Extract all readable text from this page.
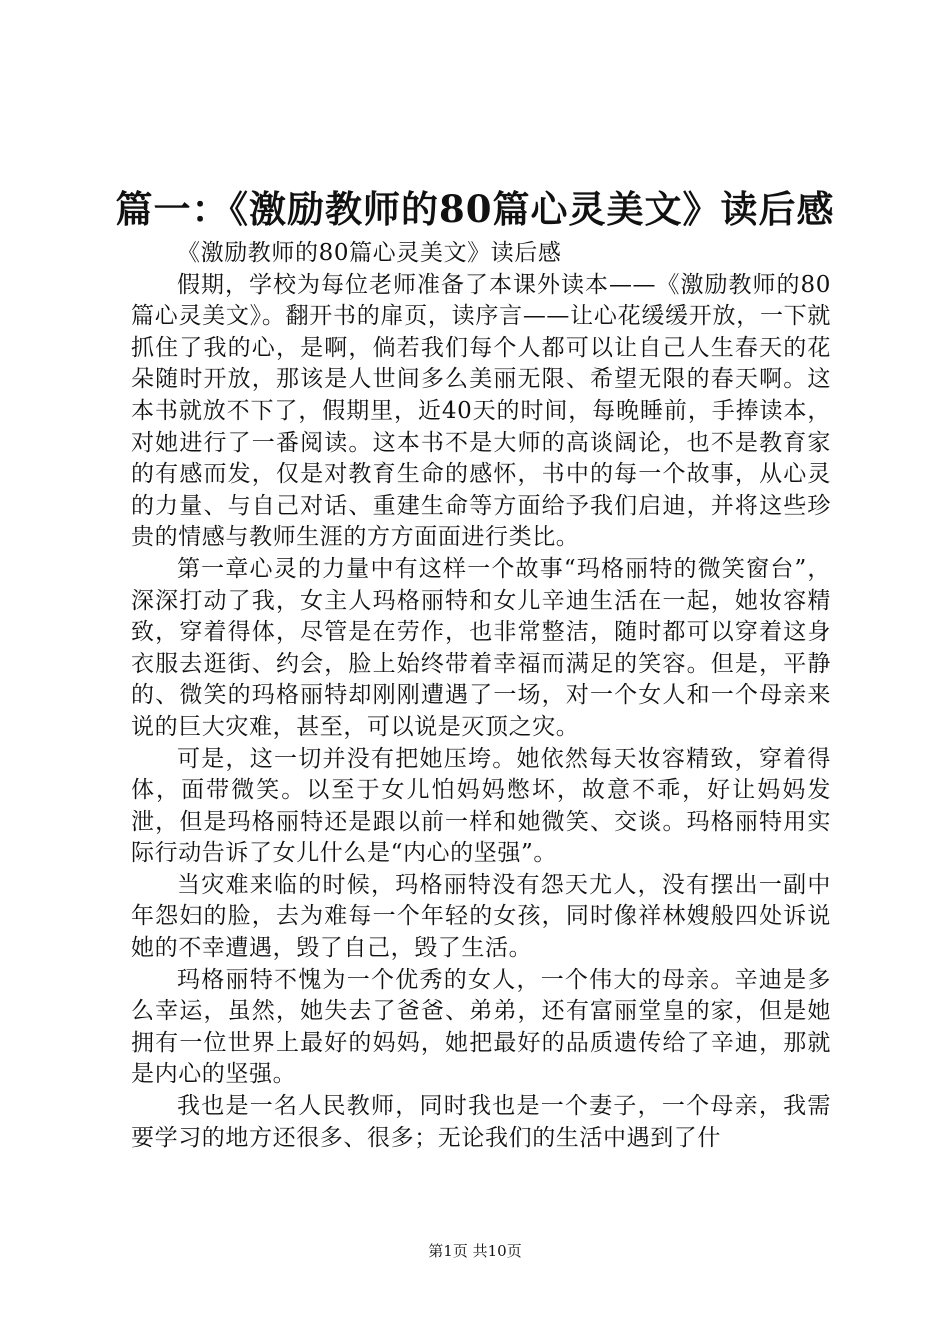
篇一：《激励教师的80篇心灵美文》读后感

《激励教师的80篇心灵美文》读后感

假期，学校为每位老师准备了本课外读本——《激励教师的80篇心灵美文》。翻开书的扉页，读序言——让心花缓缓开放，一下就抓住了我的心，是啊，倘若我们每个人都可以让自己人生春天的花朵随时开放，那该是人世间多么美丽无限、希望无限的春天啊。这本书就放不下了，假期里，近40天的时间，每晚睡前，手捧读本，对她进行了一番阅读。这本书不是大师的高谈阔论，也不是教育家的有感而发，仅是对教育生命的感怀，书中的每一个故事，从心灵的力量、与自己对话、重建生命等方面给予我们启迪，并将这些珍贵的情感与教师生涯的方方面面进行类比。

第一章心灵的力量中有这样一个故事“玛格丽特的微笑窗台”，深深打动了我，女主人玛格丽特和女儿辛迪生活在一起，她妆容精致，穿着得体，尽管是在劳作，也非常整洁，随时都可以穿着这身衣服去逛街、约会，脸上始终带着幸福而满足的笑容。但是，平静的、微笑的玛格丽特却刚刚遭遇了一场，对一个女人和一个母亲来说的巨大灾难，甚至，可以说是灭顶之灾。

可是，这一切并没有把她压垮。她依然每天妆容精致，穿着得体，面带微笑。以至于女儿怕妈妈憋坏，故意不乖，好让妈妈发泄，但是玛格丽特还是跟以前一样和她微笑、交谈。玛格丽特用实际行动告诉了女儿什么是“内心的坚强”。

当灾难来临的时候，玛格丽特没有怨天尤人，没有摆出一副中年怨妇的脸，去为难每一个年轻的女孩，同时像祥林嫂般四处诉说她的不幸遭遇，毁了自己，毁了生活。

玛格丽特不愧为一个优秀的女人，一个伟大的母亲。辛迪是多么幸运，虽然，她失去了爸爸、弟弟，还有富丽堂皇的家，但是她拥有一位世界上最好的妈妈，她把最好的品质遗传给了辛迪，那就是内心的坚强。

我也是一名人民教师，同时我也是一个妻子，一个母亲，我需要学习的地方还很多、很多；无论我们的生活中遇到了什

第1页 共10页
